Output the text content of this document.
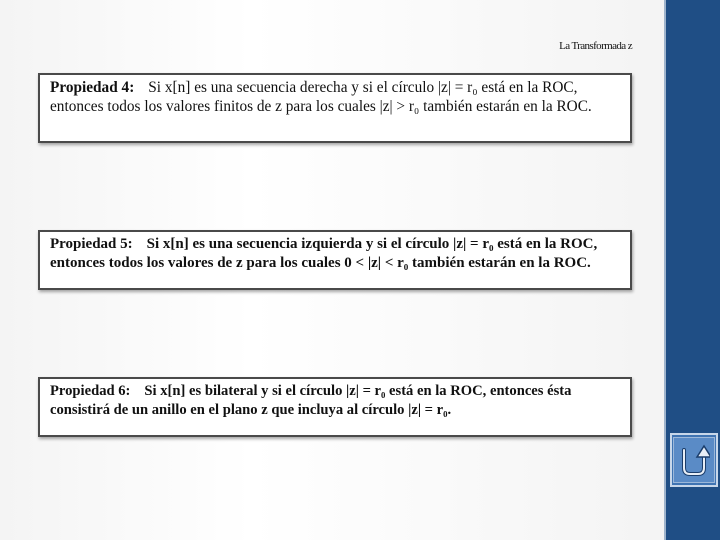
La Transformada z
Propiedad 4: Si x[n] es una secuencia derecha y si el círculo |z| = r₀ está en la ROC, entonces todos los valores finitos de z para los cuales |z| > r₀ también estarán en la ROC.
Propiedad 5: Si x[n] es una secuencia izquierda y si el círculo |z| = r₀ está en la ROC, entonces todos los valores de z para los cuales 0 < |z| < r₀ también estarán en la ROC.
Propiedad 6: Si x[n] es bilateral y si el círculo |z| = r₀ está en la ROC, entonces ésta consistirá de un anillo en el plano z que incluya al círculo |z| = r₀.
